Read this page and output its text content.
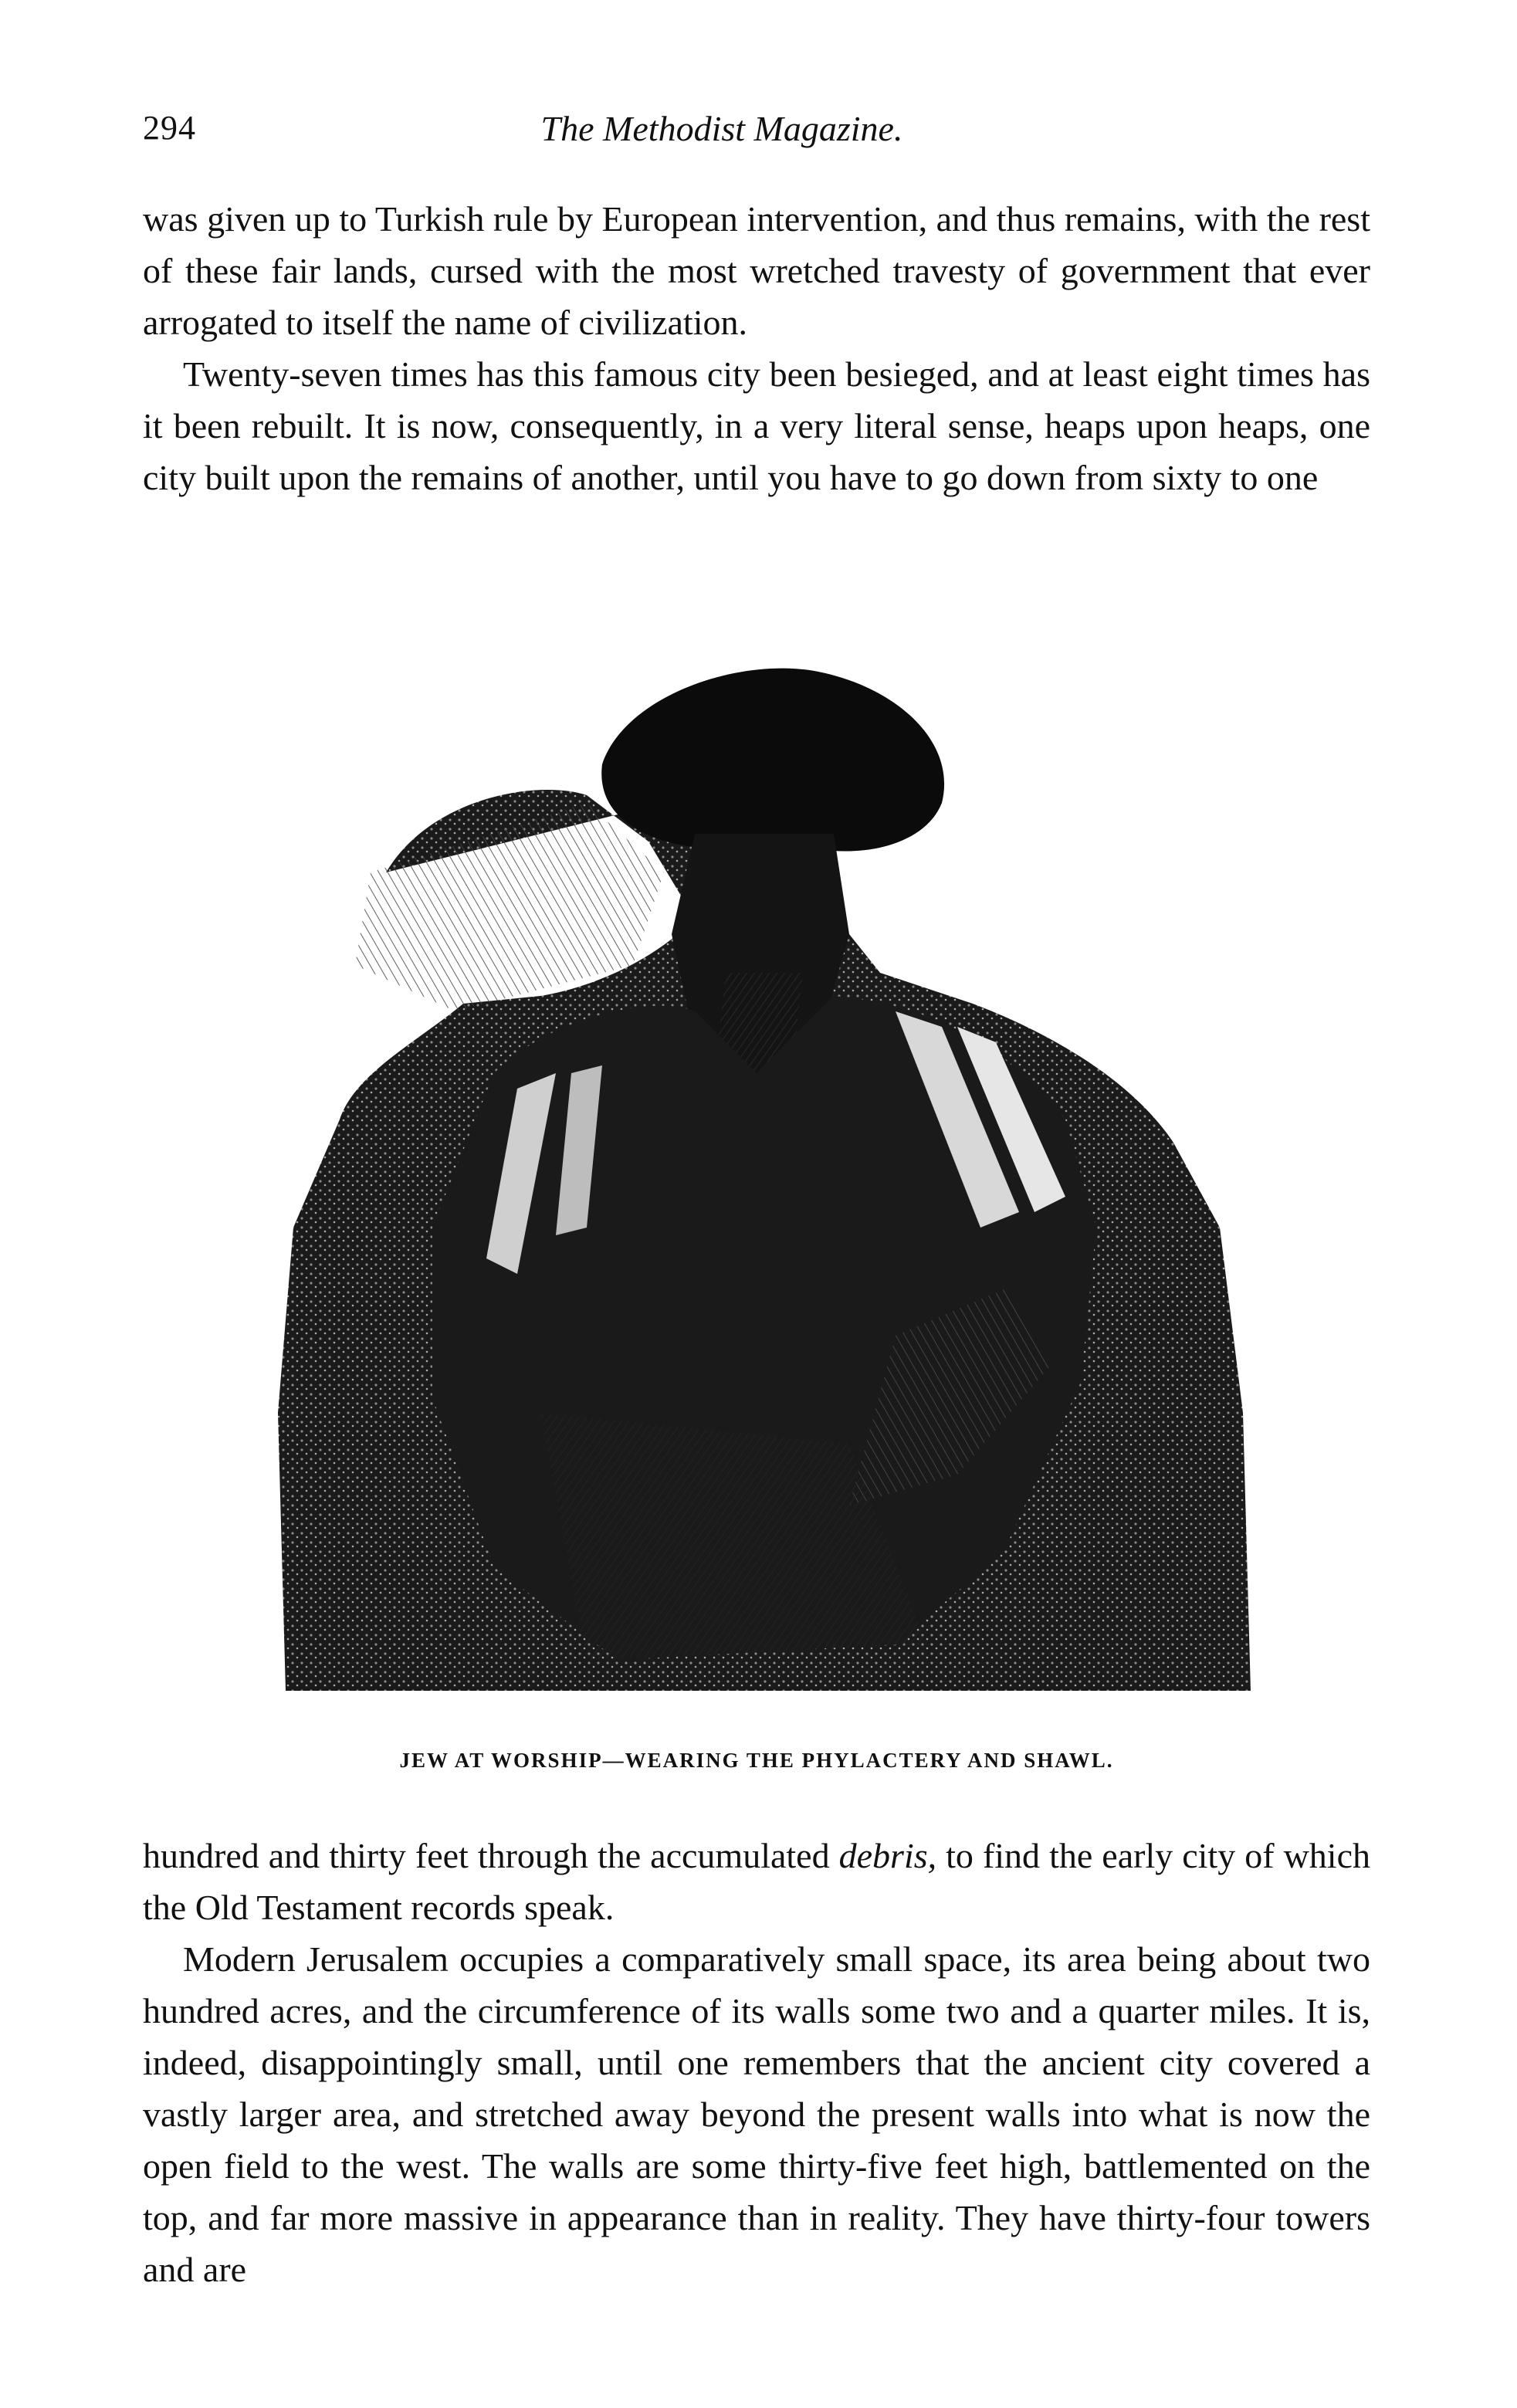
294	The Methodist Magazine.

was given up to Turkish rule by European intervention, and thus remains, with the rest of these fair lands, cursed with the most wretched travesty of government that ever arrogated to itself the name of civilization.

Twenty-seven times has this famous city been besieged, and at least eight times has it been rebuilt. It is now, consequently, in a very literal sense, heaps upon heaps, one city built upon the remains of another, until you have to go down from sixty to one

JEW AT WORSHIP—WEARING THE PHYLACTERY AND SHAWL.

hundred and thirty feet through the accumulated debris, to find the early city of which the Old Testament records speak.

Modern Jerusalem occupies a comparatively small space, its area being about two hundred acres, and the circumference of its walls some two and a quarter miles. It is, indeed, disappointingly small, until one remembers that the ancient city covered a vastly larger area, and stretched away beyond the present walls into what is now the open field to the west. The walls are some thirty-five feet high, battlemented on the top, and far more massive in appearance than in reality. They have thirty-four towers and are
